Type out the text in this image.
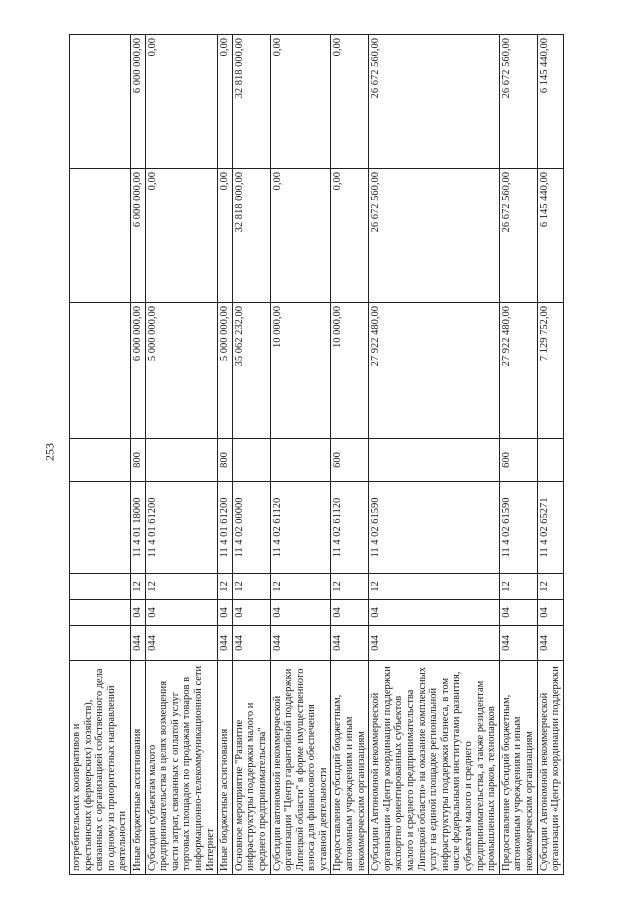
253
потребительских кооперативов и крестьянских (фермерских) хозяйств), связанных с организацией собственного дела по одному из приоритетных направлений деятельности								
Иные бюджетные ассигнования	044	04	12	11 4 01 18000	800	6 000 000,00	6 000 000,00	6 000 000,00
Субсидии субъектам малого предпринимательства в целях возмещения части затрат, связанных с оплатой услуг торговых площадок по продажам товаров в информационно-телекоммуникационной сети Интернет	044	04	12	11 4 01 61200		5 000 000,00	0,00	0,00
Иные бюджетные ассигнования	044	04	12	11 4 01 61200	800	5 000 000,00	0,00	0,00
Основное мероприятие "Развитие инфраструктуры поддержки малого и среднего предпринимательства"	044	04	12	11 4 02 00000		35 062 232,00	32 818 000,00	32 818 000,00
Субсидии автономной некоммерческой организации "Центр гарантийной поддержки Липецкой области" в форме имущественного взноса для финансового обеспечения уставной деятельности	044	04	12	11 4 02 61120		10 000,00	0,00	0,00
Предоставление субсидий бюджетным, автономным учреждениям и иным некоммерческим организациям	044	04	12	11 4 02 61120	600	10 000,00	0,00	0,00
Субсидии Автономной некоммерческой организации «Центр координации поддержки экспортно ориентированных субъектов малого и среднего предпринимательства Липецкой области» на оказание комплексных услуг на единой площадке региональной инфраструктуры поддержки бизнеса, в том числе федеральными институтами развития, субъектам малого и среднего предпринимательства, а также резидентам промышленных парков, технопарков	044	04	12	11 4 02 61590		27 922 480,00	26 672 560,00	26 672 560,00
Предоставление субсидий бюджетным, автономным учреждениям и иным некоммерческим организациям	044	04	12	11 4 02 61590	600	27 922 480,00	26 672 560,00	26 672 560,00
Субсидии Автономной некоммерческой организации «Центр координации поддержки	044	04	12	11 4 02 65271		7 129 752,00	6 145 440,00	6 145 440,00
